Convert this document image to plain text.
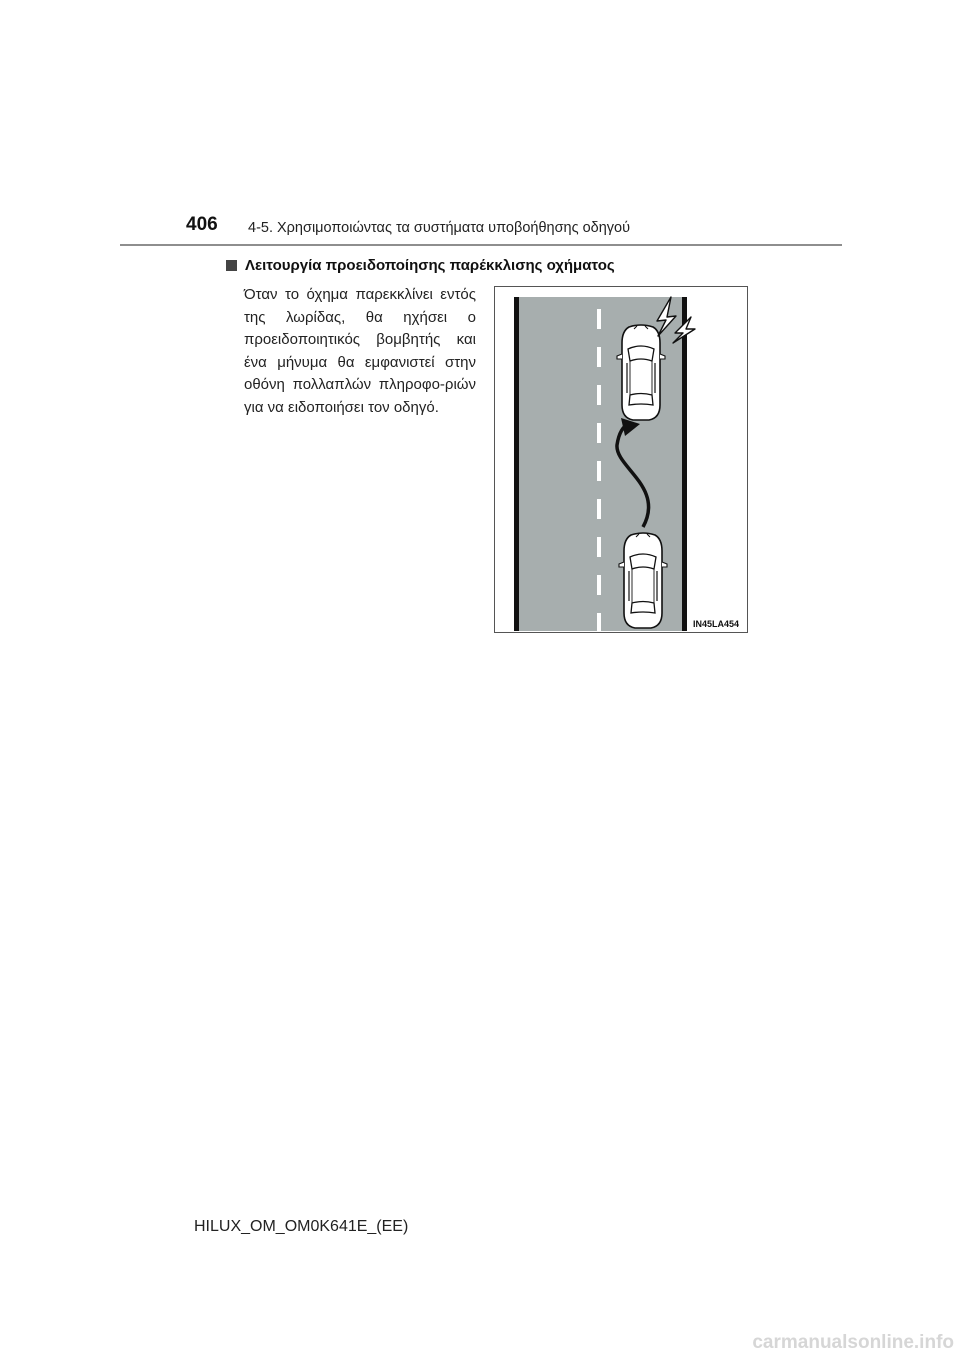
406 4-5. Χρησιμοποιώντας τα συστήματα υποβοήθησης οδηγού
Λειτουργία προειδοποίησης παρέκκλισης οχήματος
Όταν το όχημα παρεκκλίνει εντός της λωρίδας, θα ηχήσει ο προειδοποιητικός βομβητής και ένα μήνυμα θα εμφανιστεί στην οθόνη πολλαπλών πληροφο-ριών για να ειδοποιήσει τον οδηγό.
IN45LA454
HILUX_OM_OM0K641E_(EE)
carmanualsonline.info
